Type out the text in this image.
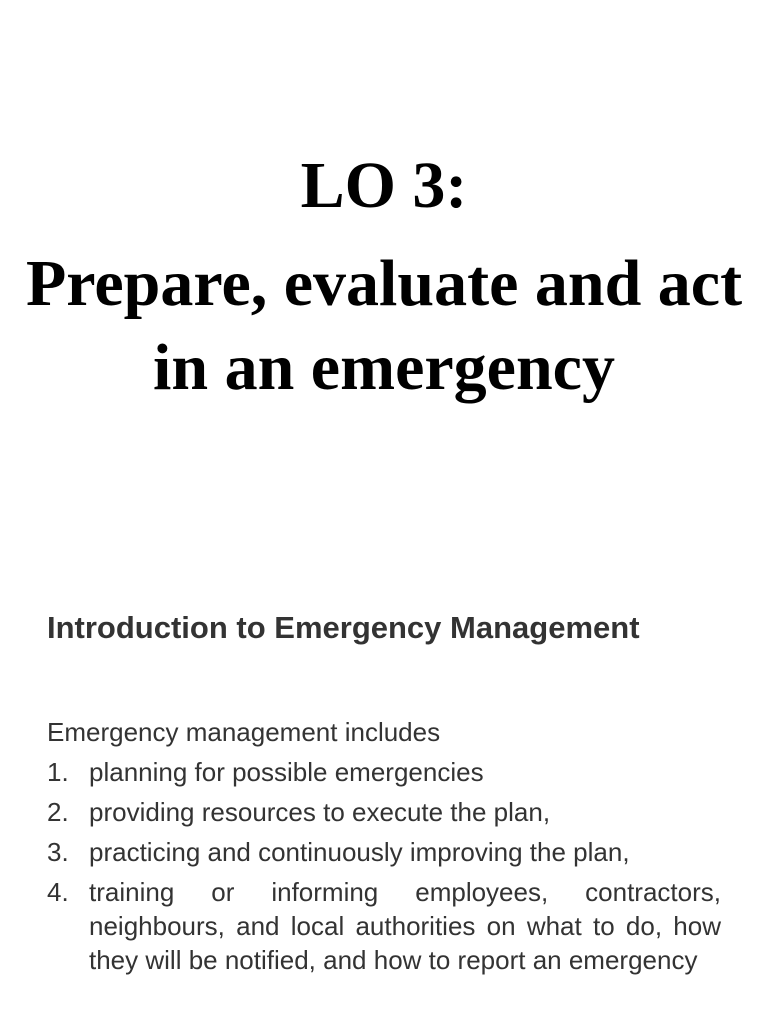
LO 3:

Prepare, evaluate and act in an emergency

Introduction to Emergency Management

Emergency management includes

1. planning for possible emergencies
2. providing resources to execute the plan,
3. practicing and continuously improving the plan,
4. training or informing employees, contractors, neighbours, and local authorities on what to do, how they will be notified, and how to report an emergency
